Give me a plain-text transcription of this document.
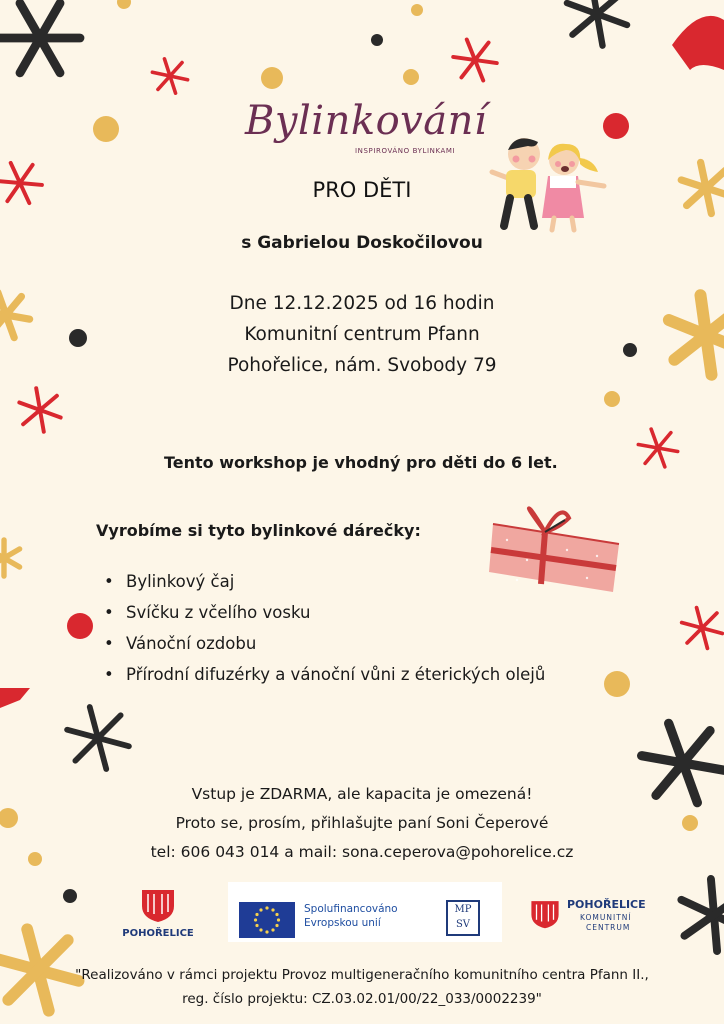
Bylinkování
INSPIROVÁNO BYLINKAMI
PRO DĚTI
s Gabrielou Doskočilovou
Dne 12.12.2025 od 16 hodin
Komunitní centrum Pfann
Pohořelice, nám. Svobody 79
Tento workshop je vhodný pro děti do 6 let.
Vyrobíme si tyto bylinkové dárečky:
• Bylinkový čaj
• Svíčku z včelího vosku
• Vánoční ozdobu
• Přírodní difuzérky a vánoční vůni z éterických olejů
Vstup je ZDARMA, ale kapacita je omezená!
Proto se, prosím, přihlašujte paní Soni Čeperové
tel: 606 043 014 a mail: sona.ceperova@pohorelice.cz
POHOŘELICE
Spolufinancováno
Evropskou unií
MP
SV
POHOŘELICE
KOMUNITNÍ
CENTRUM
"Realizováno v rámci projektu Provoz multigeneračního komunitního centra Pfann II.,
reg. číslo projektu: CZ.03.02.01/00/22_033/0002239"
